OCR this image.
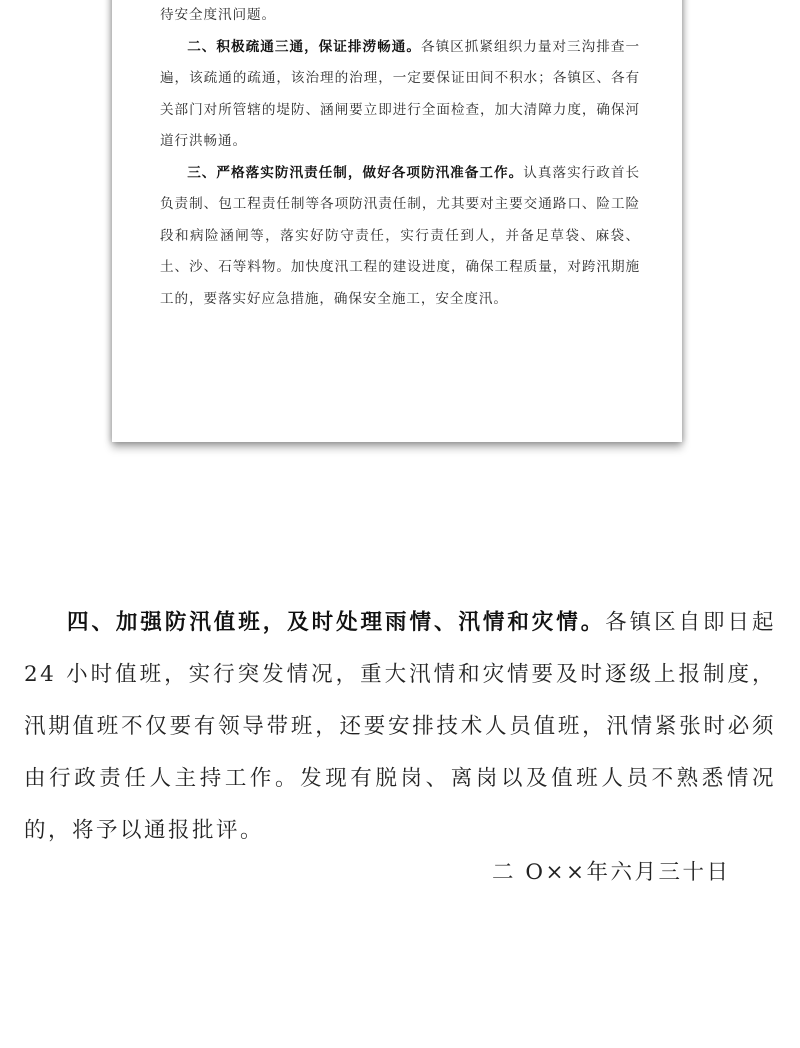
待安全度汛问题。

二、积极疏通三通，保证排涝畅通。各镇区抓紧组织力量对三沟排查一遍，该疏通的疏通，该治理的治理，一定要保证田间不积水；各镇区、各有关部门对所管辖的堤防、涵闸要立即进行全面检查，加大清障力度，确保河道行洪畅通。

三、严格落实防汛责任制，做好各项防汛准备工作。认真落实行政首长负责制、包工程责任制等各项防汛责任制，尤其要对主要交通路口、险工险段和病险涵闸等，落实好防守责任，实行责任到人，并备足草袋、麻袋、土、沙、石等料物。加快度汛工程的建设进度，确保工程质量，对跨汛期施工的，要落实好应急措施，确保安全施工，安全度汛。

四、加强防汛值班，及时处理雨情、汛情和灾情。各镇区自即日起 24 小时值班，实行突发情况，重大汛情和灾情要及时逐级上报制度，汛期值班不仅要有领导带班，还要安排技术人员值班，汛情紧张时必须由行政责任人主持工作。发现有脱岗、离岗以及值班人员不熟悉情况的，将予以通报批评。

二 O××年六月三十日
